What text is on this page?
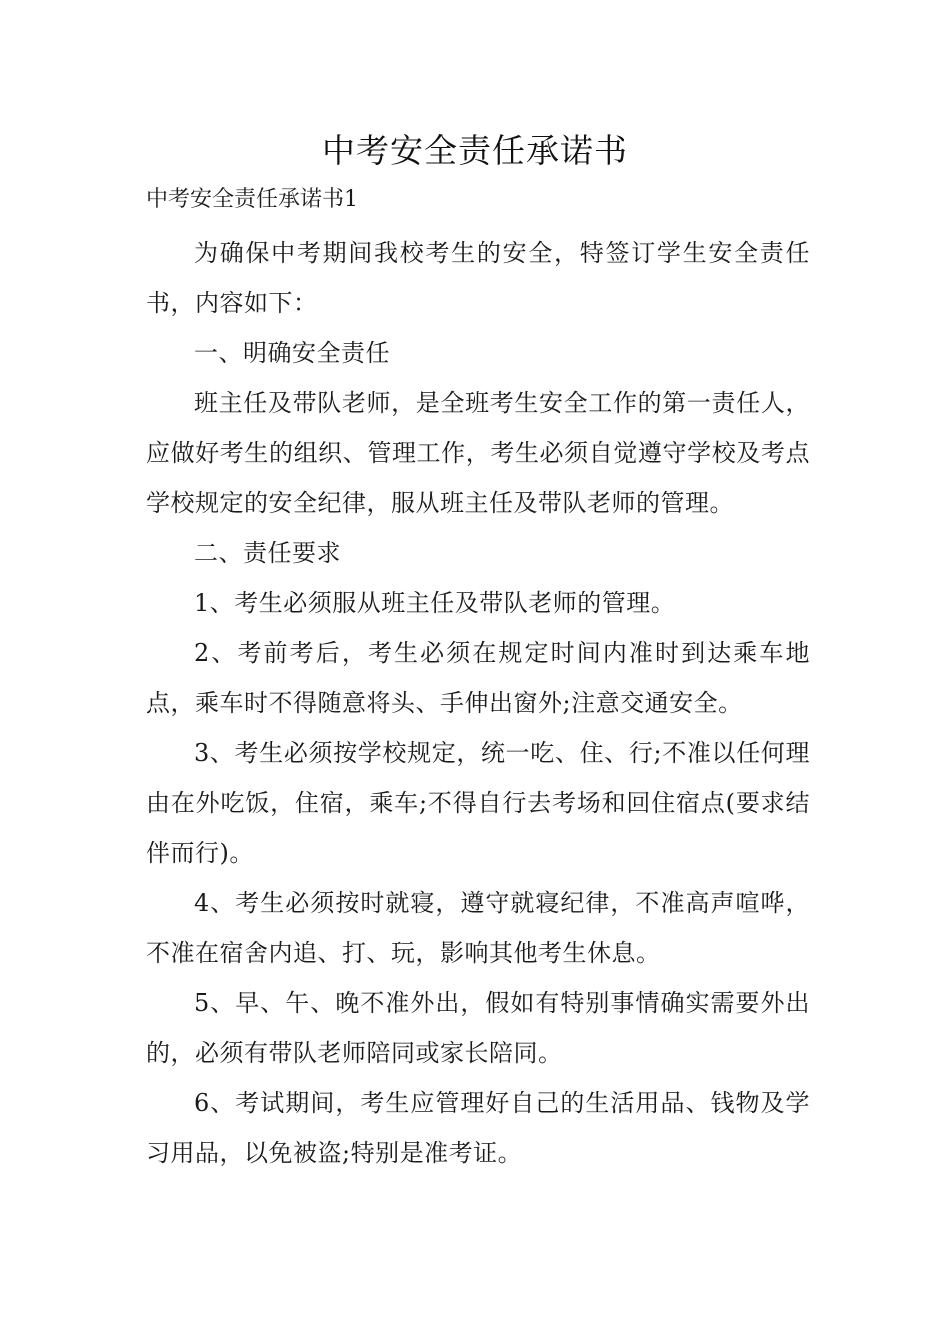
中考安全责任承诺书
中考安全责任承诺书1

为确保中考期间我校考生的安全，特签订学生安全责任书，内容如下：

一、明确安全责任

班主任及带队老师，是全班考生安全工作的第一责任人，应做好考生的组织、管理工作，考生必须自觉遵守学校及考点学校规定的安全纪律，服从班主任及带队老师的管理。

二、责任要求

1、考生必须服从班主任及带队老师的管理。

2、考前考后，考生必须在规定时间内准时到达乘车地点，乘车时不得随意将头、手伸出窗外;注意交通安全。

3、考生必须按学校规定，统一吃、住、行;不准以任何理由在外吃饭，住宿，乘车;不得自行去考场和回住宿点(要求结伴而行)。

4、考生必须按时就寝，遵守就寝纪律，不准高声喧哗，不准在宿舍内追、打、玩，影响其他考生休息。

5、早、午、晚不准外出，假如有特别事情确实需要外出的，必须有带队老师陪同或家长陪同。

6、考试期间，考生应管理好自己的生活用品、钱物及学习用品，以免被盗;特别是准考证。
